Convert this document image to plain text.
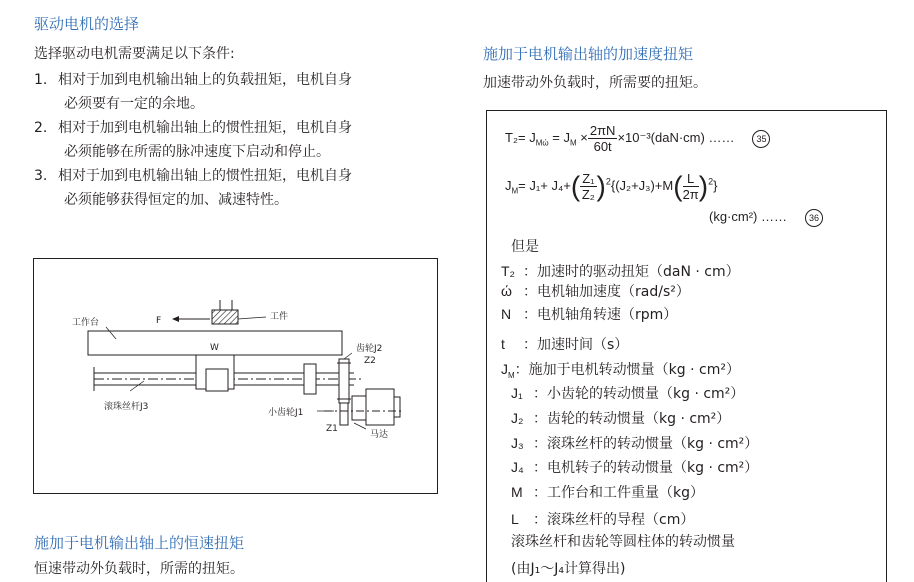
驱动电机的选择
选择驱动电机需要满足以下条件:
1. 相对于加到电机输出轴上的负载扭矩，电机自身
必须要有一定的余地。
2. 相对于加到电机输出轴上的惯性扭矩，电机自身
必须能够在所需的脉冲速度下启动和停止。
3. 相对于加到电机输出轴上的惯性扭矩，电机自身
必须能够获得恒定的加、减速特性。
工作台	F	工件
W	齿轮J2
Z2
滚珠丝杆J3
小齿轮J1
Z1
马达
施加于电机输出轴上的恒速扭矩
恒速带动外负载时，所需的扭矩。
施加于电机输出轴的加速度扭矩
加速带动外负载时，所需要的扭矩。
$T_2= J_{Mώ} = J_M \times \frac{2\pi N}{60t} \times 10^{-3}(daN\cdot cm)$ …… 35
$J_M= J_1+ J_4+( \frac{\text{Z₁}}{\text{Z₂}} )^2\{(J_2+J_3)+M( \frac{L}{2\pi} )^2\}$
(kg·cm²) …… 36
但是
T₂ ：加速时的驱动扭矩（daN · cm）
ώ ：电机轴加速度（rad/s²）
N ：电机轴角转速（rpm）
t ：加速时间（s）
$J_M$：施加于电机转动惯量（kg · cm²）
J₁ ：小齿轮的转动惯量（kg · cm²）
J₂ ：齿轮的转动惯量（kg · cm²）
J₃ ：滚珠丝杆的转动惯量（kg · cm²）
J₄ ：电机转子的转动惯量（kg · cm²）
M ：工作台和工件重量（kg）
L ：滚珠丝杆的导程（cm）
滚珠丝杆和齿轮等圆柱体的转动惯量
(由J₁～J₄计算得出)
